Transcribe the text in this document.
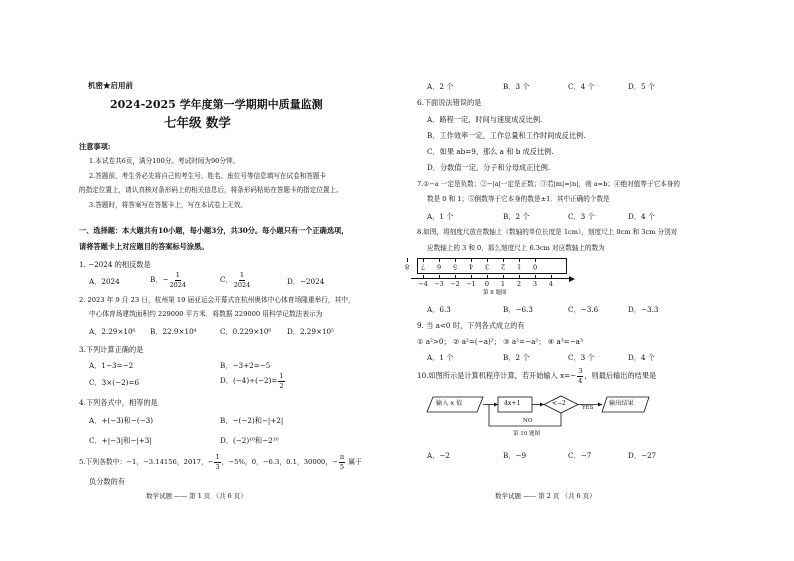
机密★启用前
2024-2025 学年度第一学期期中质量监测
七年级 数学
注意事项:
1.本试卷共6页，满分100分。考试时间为90分钟。
2.答题前，考生务必先将自己的考生号、姓名、座位号等信息填写在试卷和答题卡
的指定位置上，请认真核对条形码上的相关信息后，将条形码粘贴在答题卡的指定位置上。
3.答题时，将答案写在答题卡上，写在本试卷上无效。
一、选择题：本大题共有10小题，每小题3分，共30分。每小题只有一个正确选项，
请将答题卡上对应题目的答案标号涂黑。
1. −2024 的相反数是
A．2024	B．− $\frac{1}{2024}$	C． $\frac{1}{2024}$	D．−2024
2. 2023 年 9 月 23 日，杭州第 19 届亚运会开幕式在杭州奥体中心体育场隆重举行，其中，
中心体育场建筑面积约 229000 平方米．将数据 229000 用科学记数法表示为
A．2.29×10⁶ B．22.9×10⁴	C．0.229×10⁶ D．2.29×10⁵
3.下列计算正确的是
A．1−3=−2	B．−3+2=−5
C．3×(−2)=6	D．$(-4)\div(-2)= \frac{1}{2}$
4.下列各式中，相等的是
A．+(−3)和−(−3)	B．−(−2)和−|+2|
C．+|−3|和−|+3|	D．(−2)¹⁰和−2¹⁰
5.下列各数中：−1，−3.14156，2017，− $\frac{1}{3}$ ，−5%，0，−6.3，0.1，30000，− $\frac{\pi}{5}$ 属于
负分数的有
数学试题 —— 第 1 页 （共 6 页）
A．2 个	B．3 个	C．4 个	D．5 个
6.下面说法错误的是
A．路程一定，时间与速度成反比例.
B．工作效率一定，工作总量和工作时间成反比例.
C．如果 ab=9，那么 a 和 b 成反比例.
D．分数值一定，分子和分母成正比例.
7.①−a 一定是负数；②−|a|一定是正数；③若|m|=|n|，则 a=b；④绝对值等于它本身的
数是 0 和 1；⑤倒数等于它本身的数是±1．其中正确的个数是
A．1 个	B．2 个	C．3 个	D．4 个
8.如图，将刻度尺放在数轴上（数轴的单位长度是 1cm），刻度尺上 0cm 和 3cm 分别对
应数轴上的 3 和 0，那么刻度尺上 6.3cm 对应数轴上的数为
0
1
2
3
4
5
6
7
8
−4 −3 −2 −1 0 1 2 3 4
第 8 题图
A．6.3	B．−6.3	C．−3.6	D．−3.3
9. 当 a<0 时，下列各式成立的有
① a²>0； ② a²=(−a)²； ③ a²=−a²； ④ a³=−a³
A．1 个	B．2 个	C．3 个	D．4 个
10.如图所示是计算机程序计算，若开始输入 $x=- \frac{3}{4}$ ，则最后输出的结果是
输入 x 值	4x+1	<−2
YES
输出结果
NO
第 10 题图
A．−2	B．−9	C．−7	D．−27
数学试题 —— 第 2 页 （共 6 页）
